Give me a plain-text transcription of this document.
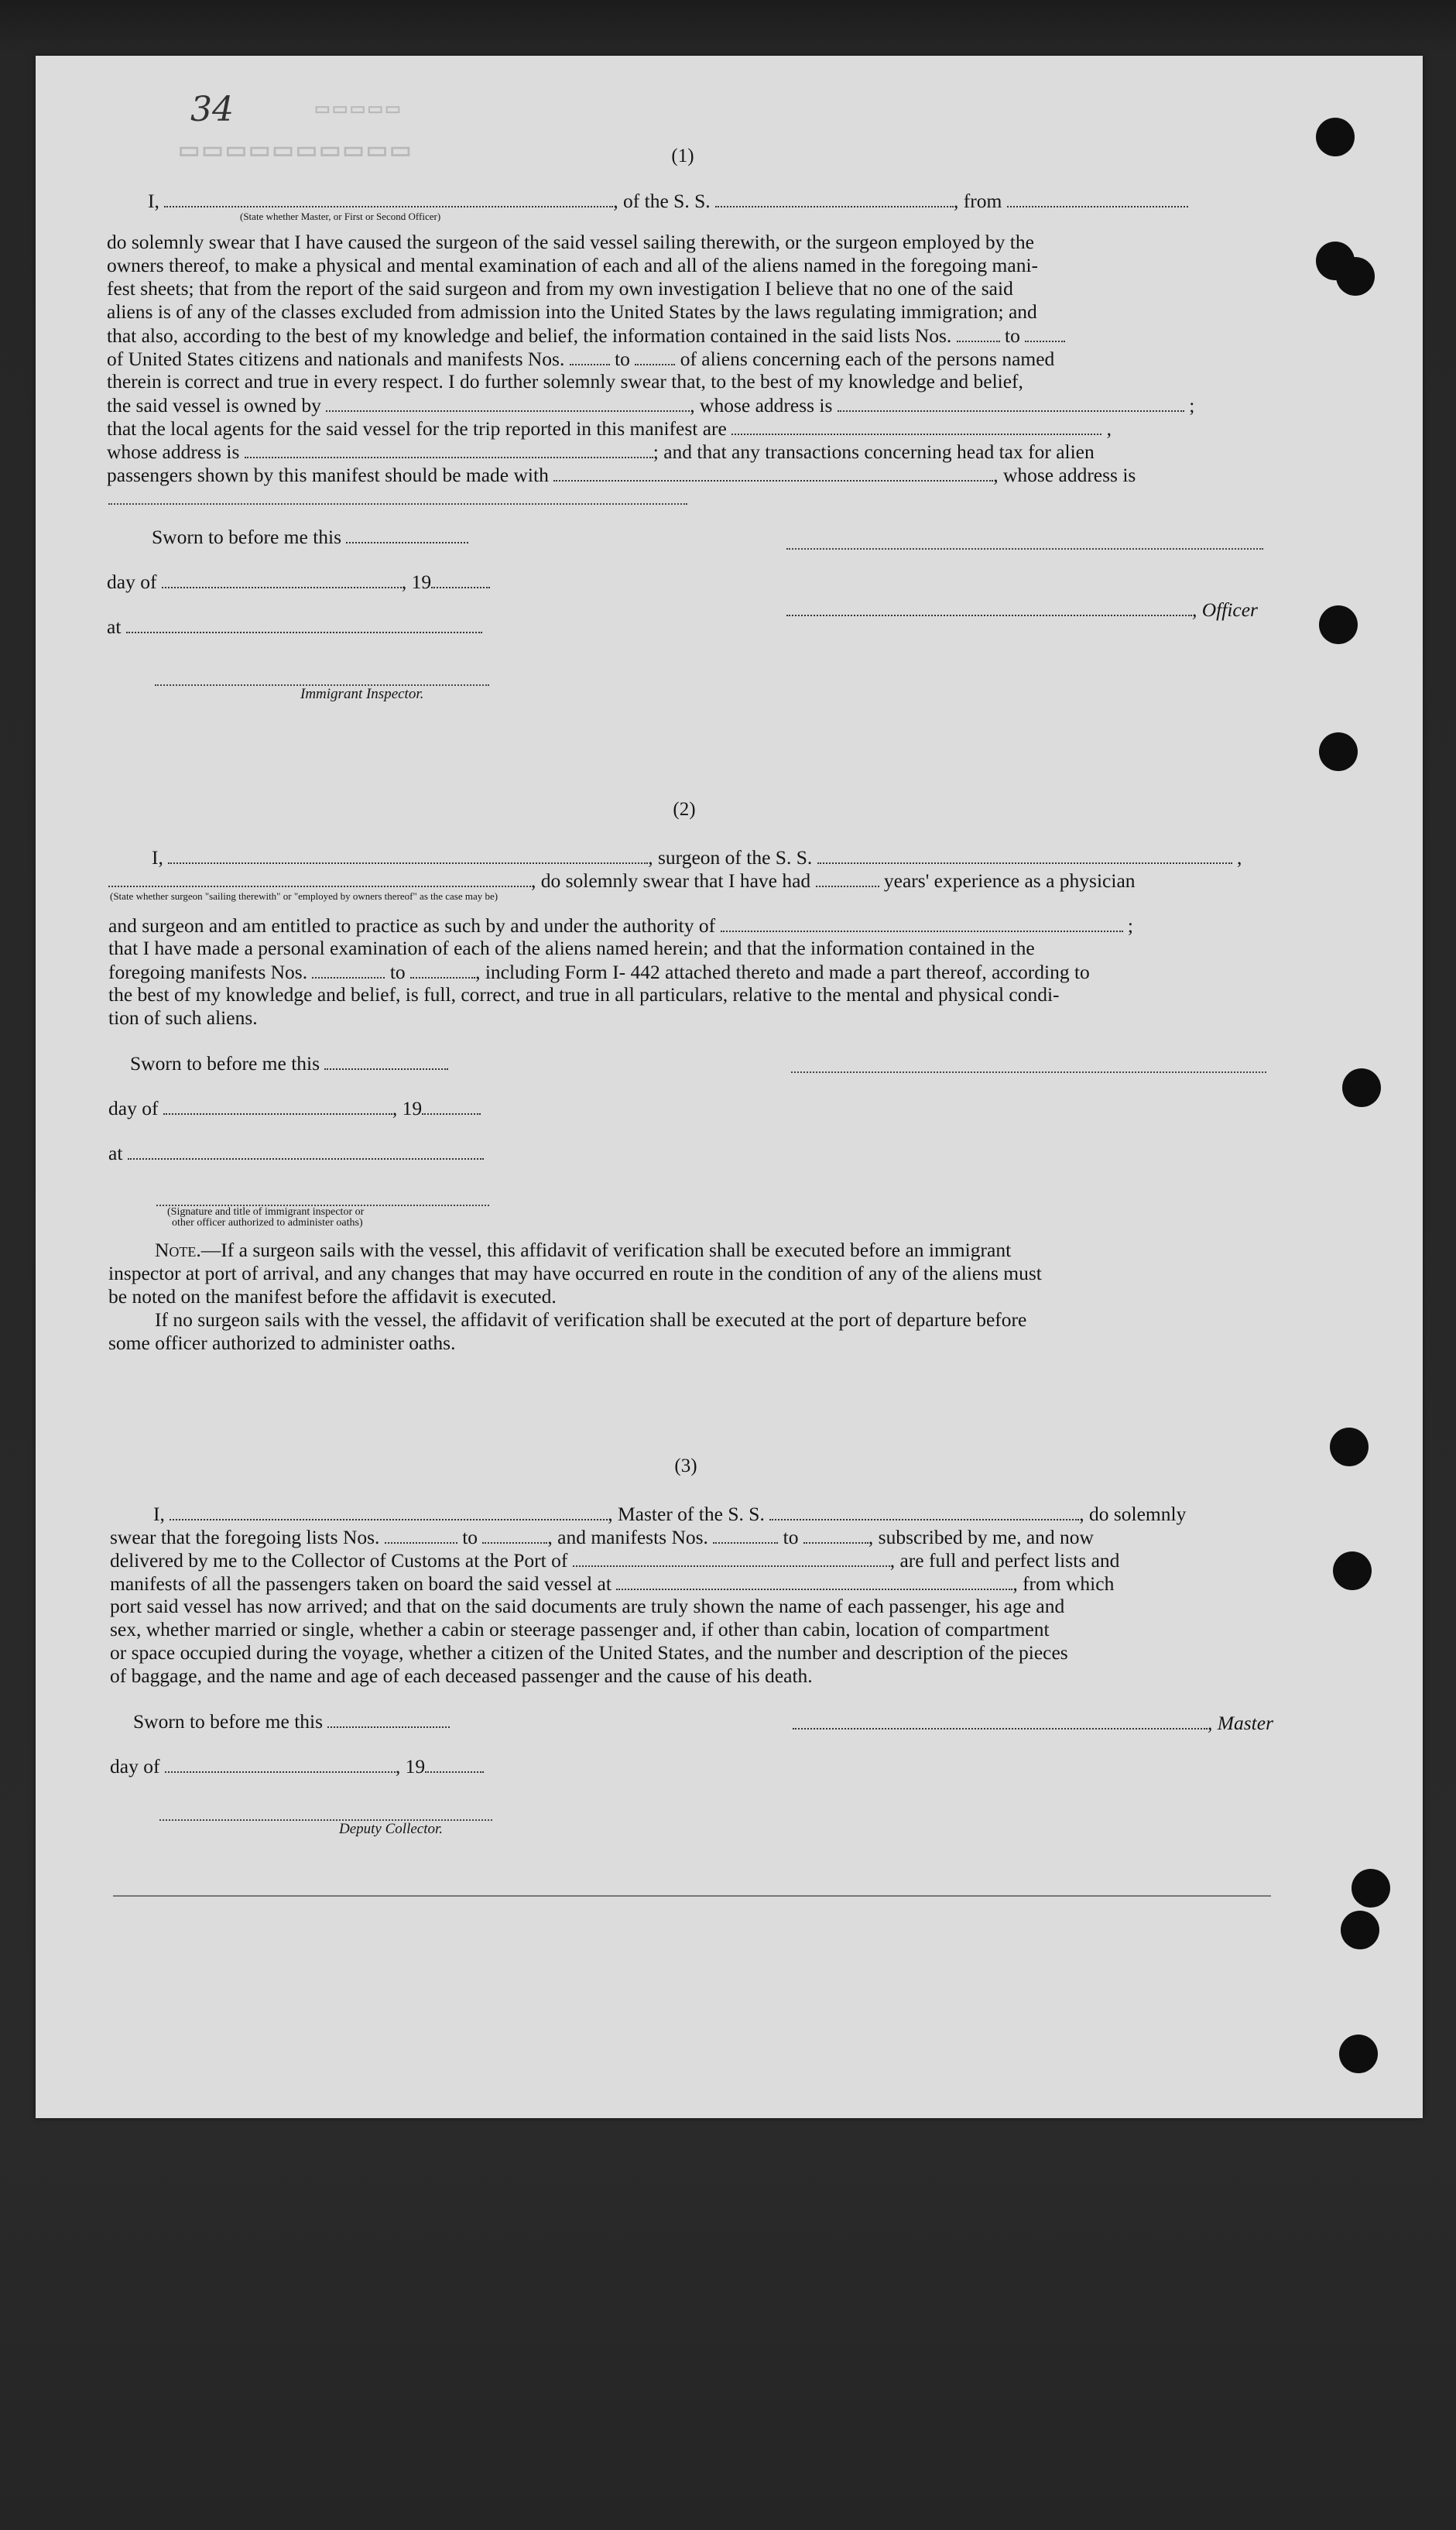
▭▭▭▭▭▭▭▭▭▭
▭▭▭▭▭
34
(1)
I,	, of the S. S.	, from
(State whether Master, or First or Second Officer)
do solemnly swear that I have caused the surgeon of the said vessel sailing therewith, or the surgeon employed by the
owners thereof, to make a physical and mental examination of each and all of the aliens named in the foregoing mani-
fest sheets; that from the report of the said surgeon and from my own investigation I believe that no one of the said
aliens is of any of the classes excluded from admission into the United States by the laws regulating immigration; and
that also, according to the best of my knowledge and belief, the information contained in the said lists Nos.	to
of United States citizens and nationals and manifests Nos.	to	of aliens concerning each of the persons named
therein is correct and true in every respect. I do further solemnly swear that, to the best of my knowledge and belief,
the said vessel is owned by	, whose address is	;
that the local agents for the said vessel for the trip reported in this manifest are	,
whose address is	; and that any transactions concerning head tax for alien
passengers shown by this manifest should be made with	, whose address is
Sworn to before me this
day of	, 19
, Officer
at
Immigrant Inspector.
(2)
I,	, surgeon of the S. S.	,
, do solemnly swear that I have had	years' experience as a physician
(State whether surgeon "sailing therewith" or "employed by owners thereof" as the case may be)
and surgeon and am entitled to practice as such by and under the authority of	;
that I have made a personal examination of each of the aliens named herein; and that the information contained in the
foregoing manifests Nos.	to	, including Form I- 442 attached thereto and made a part thereof, according to
the best of my knowledge and belief, is full, correct, and true in all particulars, relative to the mental and physical condi-
tion of such aliens.
Sworn to before me this
day of	, 19
at
(Signature and title of immigrant inspector or
other officer authorized to administer oaths)
Note.—If a surgeon sails with the vessel, this affidavit of verification shall be executed before an immigrant
inspector at port of arrival, and any changes that may have occurred en route in the condition of any of the aliens must
be noted on the manifest before the affidavit is executed.
If no surgeon sails with the vessel, the affidavit of verification shall be executed at the port of departure before
some officer authorized to administer oaths.
(3)
I,	, Master of the S. S.	, do solemnly
swear that the foregoing lists Nos.	to	, and manifests Nos.	to	, subscribed by me, and now
delivered by me to the Collector of Customs at the Port of	, are full and perfect lists and
manifests of all the passengers taken on board the said vessel at	, from which
port said vessel has now arrived; and that on the said documents are truly shown the name of each passenger, his age and
sex, whether married or single, whether a cabin or steerage passenger and, if other than cabin, location of compartment
or space occupied during the voyage, whether a citizen of the United States, and the number and description of the pieces
of baggage, and the name and age of each deceased passenger and the cause of his death.
Sworn to before me this	, Master
day of	, 19
Deputy Collector.
